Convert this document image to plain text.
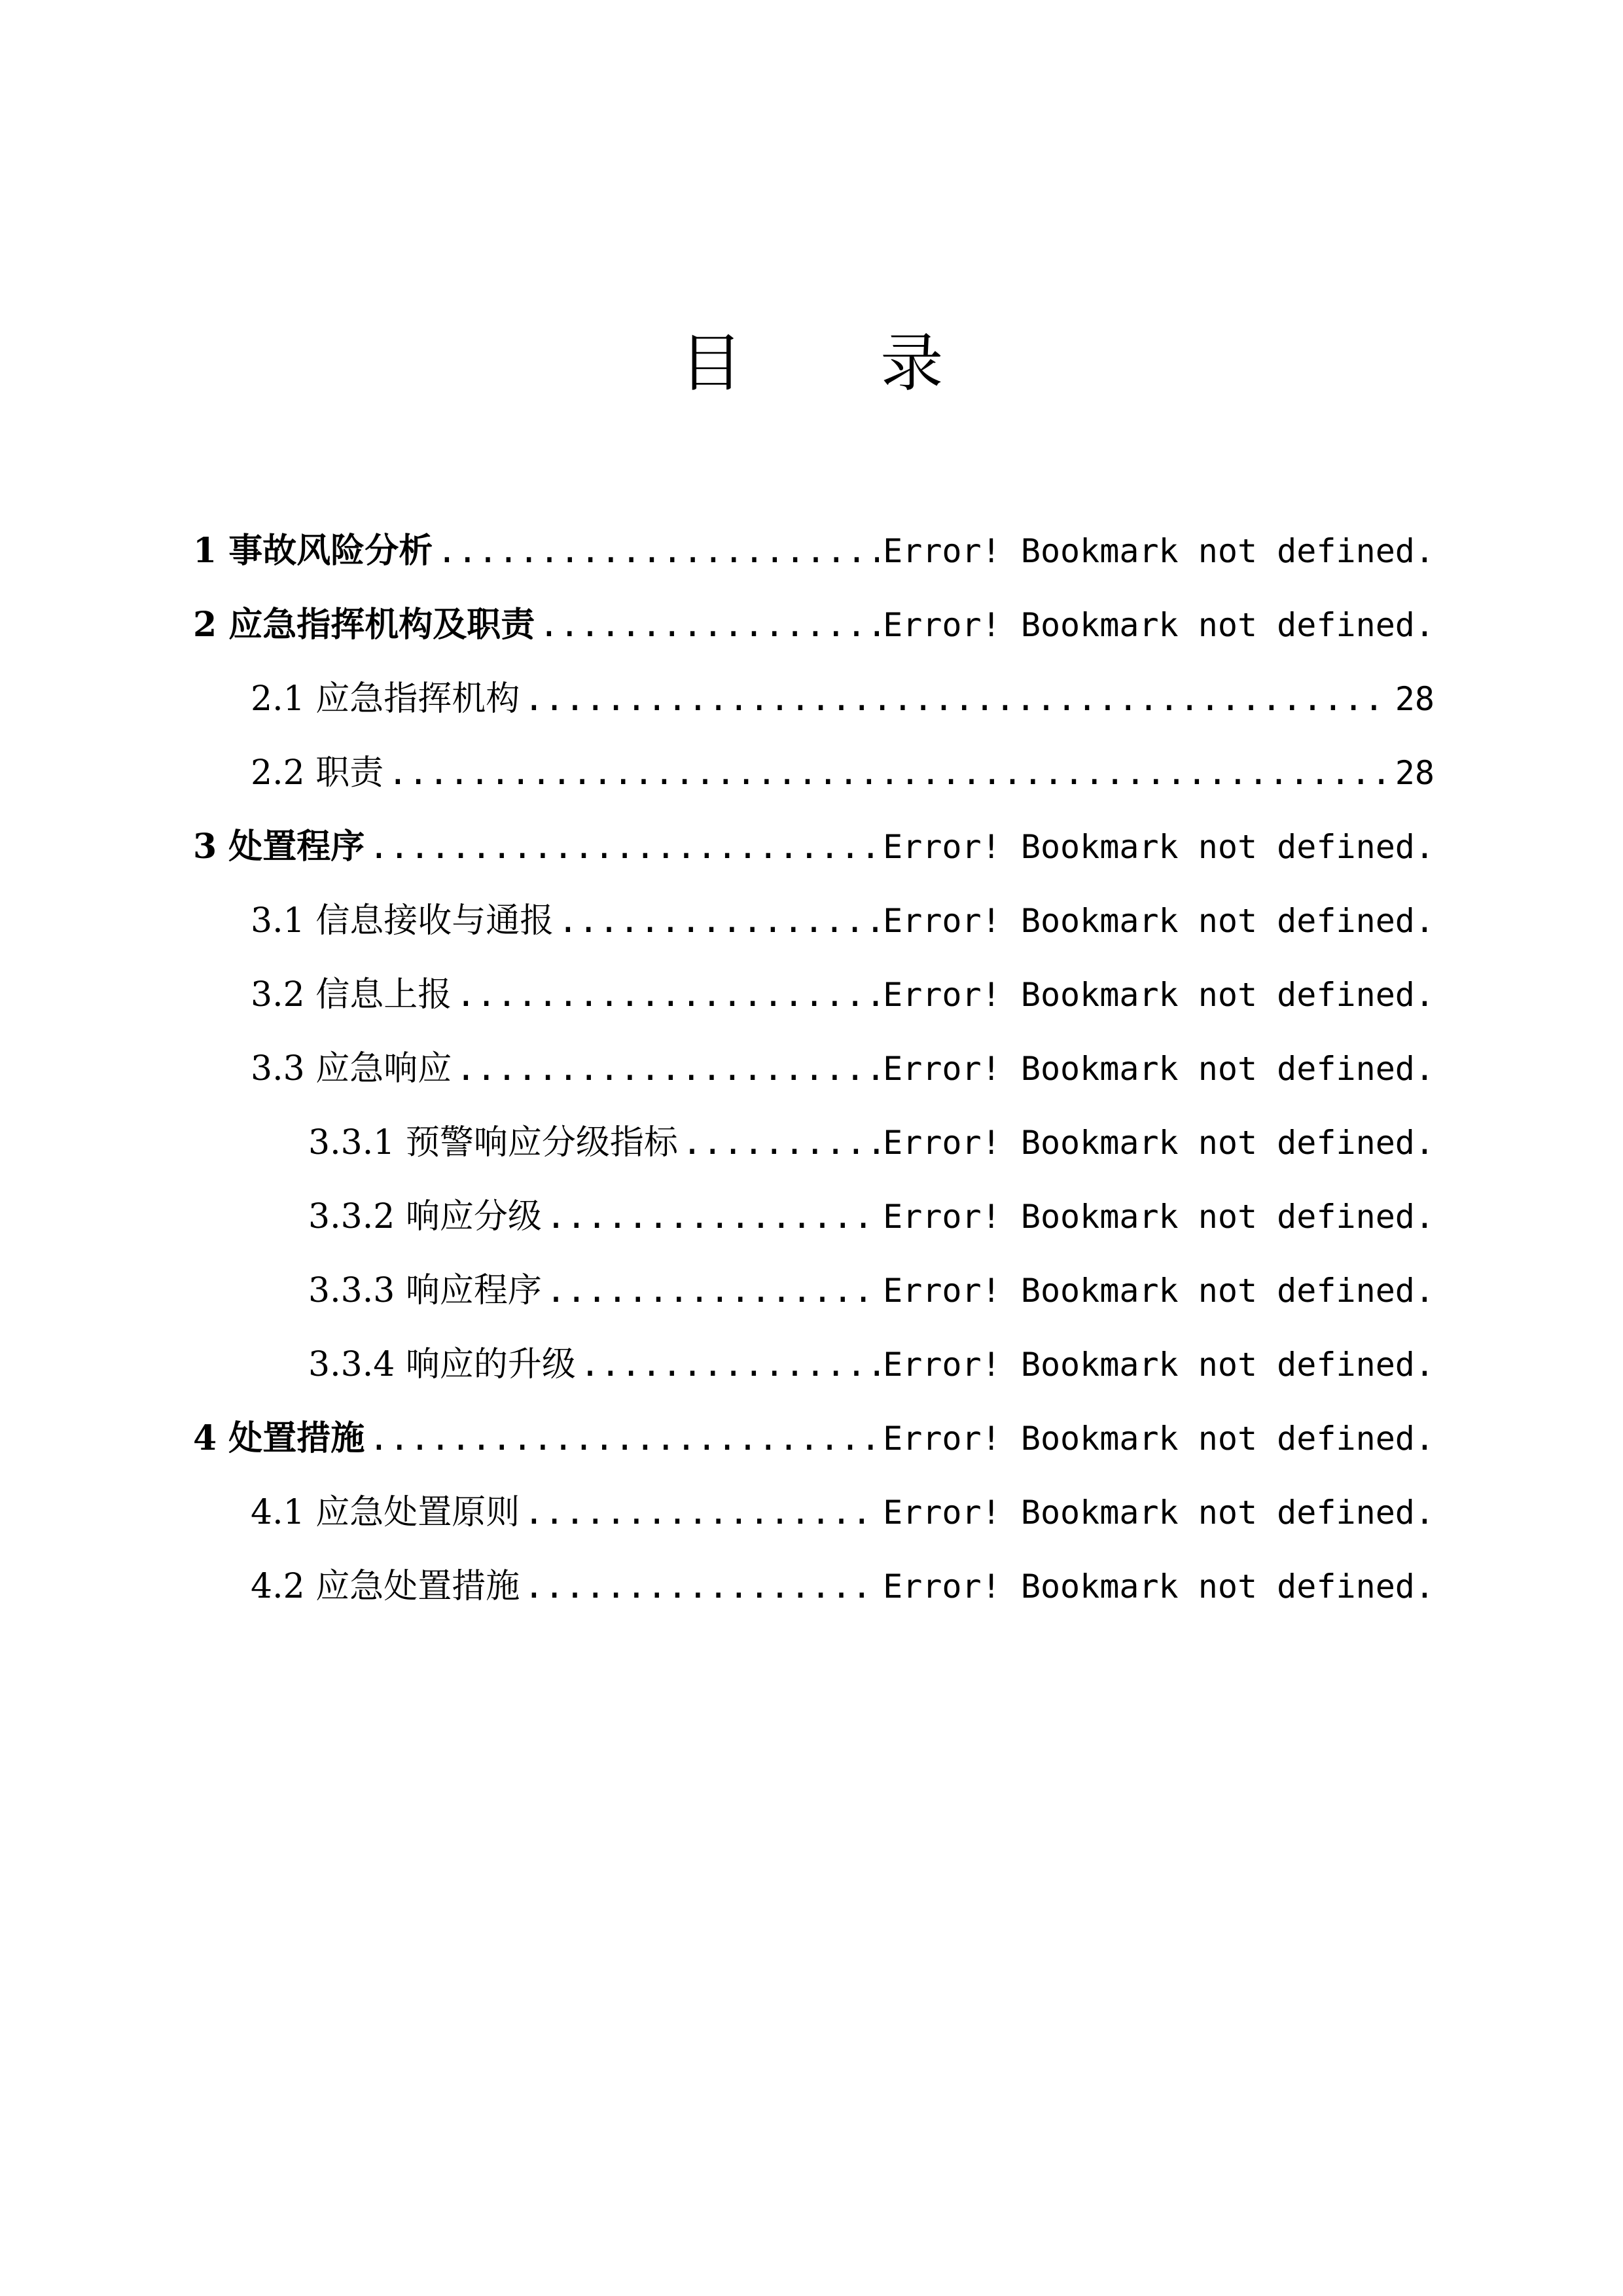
目 录
1 事故风险分析 .....	Error! Bookmark not defined.
2 应急指挥机构及职责 .....	Error! Bookmark not defined.
2.1 应急指挥机构 .....	28
2.2 职责 .....	28
3 处置程序 .....	Error! Bookmark not defined.
3.1 信息接收与通报 .....	Error! Bookmark not defined.
3.2 信息上报 .....	Error! Bookmark not defined.
3.3 应急响应 .....	Error! Bookmark not defined.
3.3.1 预警响应分级指标 .....	Error! Bookmark not defined.
3.3.2 响应分级 .....	Error! Bookmark not defined.
3.3.3 响应程序 .....	Error! Bookmark not defined.
3.3.4 响应的升级 .....	Error! Bookmark not defined.
4 处置措施 .....	Error! Bookmark not defined.
4.1 应急处置原则 .....	Error! Bookmark not defined.
4.2 应急处置措施 .....	Error! Bookmark not defined.
